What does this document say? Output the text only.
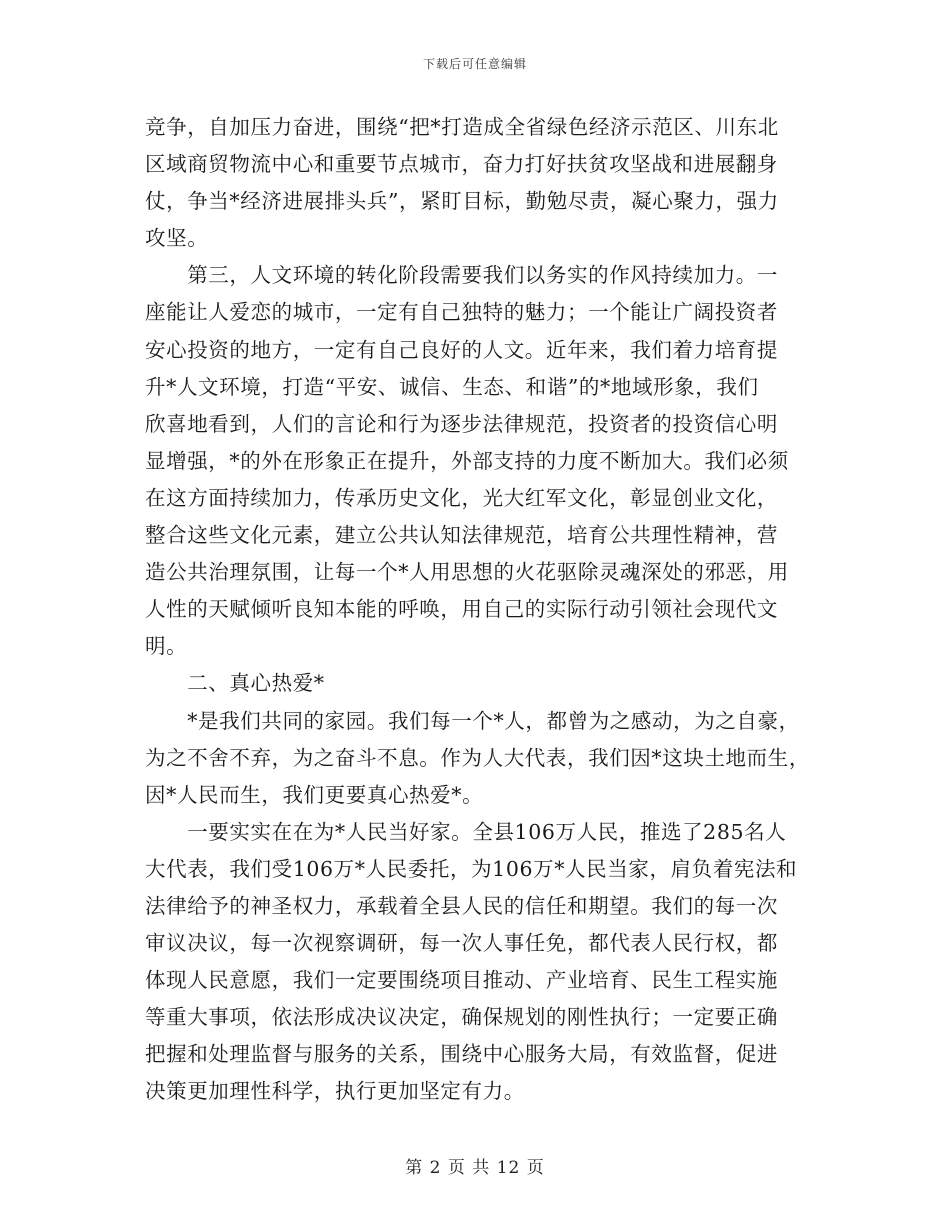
下载后可任意编辑
竞争，自加压力奋进，围绕“把*打造成全省绿色经济示范区、川东北
区域商贸物流中心和重要节点城市，奋力打好扶贫攻坚战和进展翻身
仗，争当*经济进展排头兵”，紧盯目标，勤勉尽责，凝心聚力，强力
攻坚。
　　第三，人文环境的转化阶段需要我们以务实的作风持续加力。一
座能让人爱恋的城市，一定有自己独特的魅力；一个能让广阔投资者
安心投资的地方，一定有自己良好的人文。近年来，我们着力培育提
升*人文环境，打造“平安、诚信、生态、和谐”的*地域形象，我们
欣喜地看到，人们的言论和行为逐步法律规范，投资者的投资信心明
显增强，*的外在形象正在提升，外部支持的力度不断加大。我们必须
在这方面持续加力，传承历史文化，光大红军文化，彰显创业文化，
整合这些文化元素，建立公共认知法律规范，培育公共理性精神，营
造公共治理氛围，让每一个*人用思想的火花驱除灵魂深处的邪恶，用
人性的天赋倾听良知本能的呼唤，用自己的实际行动引领社会现代文
明。
　　二、真心热爱*
　　*是我们共同的家园。我们每一个*人，都曾为之感动，为之自豪，
为之不舍不弃，为之奋斗不息。作为人大代表，我们因*这块土地而生，
因*人民而生，我们更要真心热爱*。
　　一要实实在在为*人民当好家。全县106万人民，推选了285名人
大代表，我们受106万*人民委托，为106万*人民当家，肩负着宪法和
法律给予的神圣权力，承载着全县人民的信任和期望。我们的每一次
审议决议，每一次视察调研，每一次人事任免，都代表人民行权，都
体现人民意愿，我们一定要围绕项目推动、产业培育、民生工程实施
等重大事项，依法形成决议决定，确保规划的刚性执行；一定要正确
把握和处理监督与服务的关系，围绕中心服务大局，有效监督，促进
决策更加理性科学，执行更加坚定有力。
第 2 页 共 12 页
